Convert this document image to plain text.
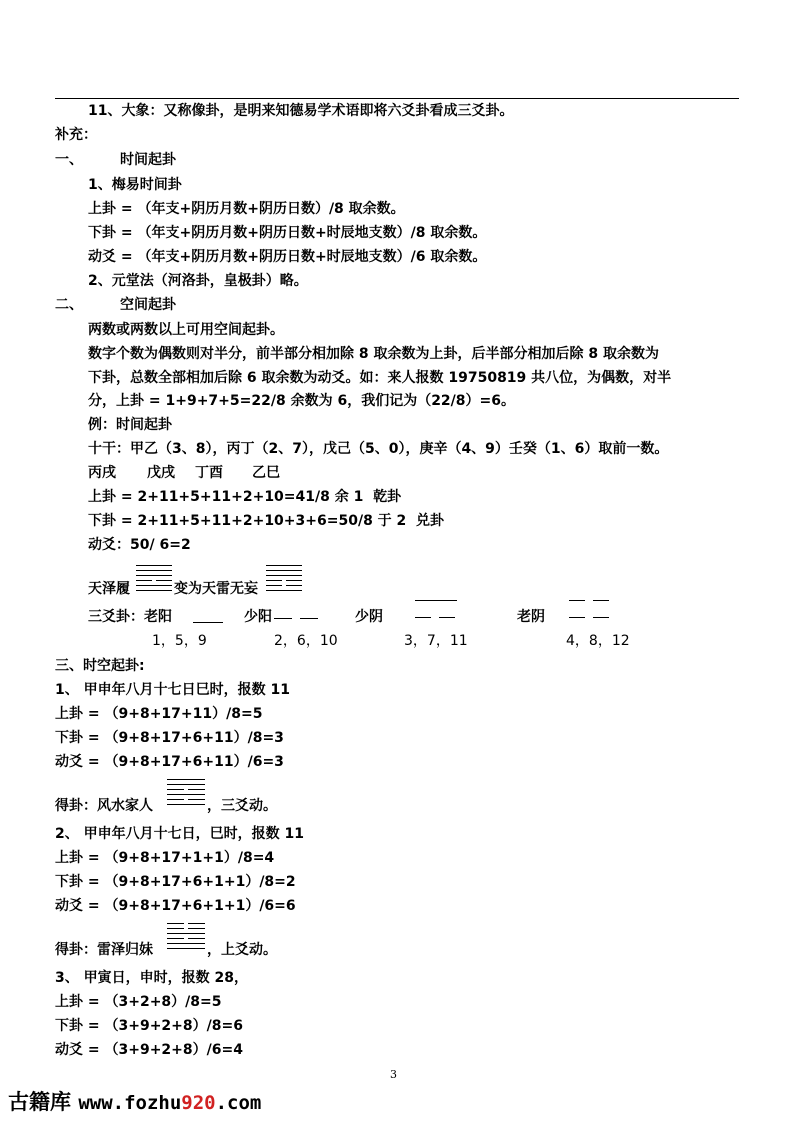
11、大象：又称像卦，是明来知德易学术语即将六爻卦看成三爻卦。
补充：
一、	时间起卦
1、梅易时间卦
上卦 = （年支+阴历月数+阴历日数）/8 取余数。
下卦 = （年支+阴历月数+阴历日数+时辰地支数）/8 取余数。
动爻 = （年支+阴历月数+阴历日数+时辰地支数）/6 取余数。
2、元堂法（河洛卦，皇极卦）略。
二、	空间起卦
两数或两数以上可用空间起卦。
数字个数为偶数则对半分，前半部分相加除 8 取余数为上卦，后半部分相加后除 8 取余数为
下卦，总数全部相加后除 6 取余数为动爻。如：来人报数 19750819 共八位，为偶数，对半
分，上卦 = 1+9+7+5=22/8 余数为 6，我们记为（22/8）=6。
例：时间起卦
十干：甲乙（3、8），丙丁（2、7），戊己（5、0），庚辛（4、9）壬癸（1、6）取前一数。
丙戌 戊戌 丁酉 乙巳
上卦 = 2+11+5+11+2+10=41/8 余 1  乾卦
下卦 = 2+11+5+11+2+10+3+6=50/8 于 2  兑卦
动爻：50/ 6=2
天泽履	变为天雷无妄
三爻卦：老阳	少阳	少阴	老阴
1，5，9	2，6，10	3，7，11	4，8，12
三、时空起卦:
1、 甲申年八月十七日巳时，报数 11
上卦 = （9+8+17+11）/8=5
下卦 = （9+8+17+6+11）/8=3
动爻 = （9+8+17+6+11）/6=3
得卦：风水家人	，三爻动。
2、 甲申年八月十七日，巳时，报数 11
上卦 = （9+8+17+1+1）/8=4
下卦 = （9+8+17+6+1+1）/8=2
动爻 = （9+8+17+6+1+1）/6=6
得卦：雷泽归妹	，上爻动。
3、 甲寅日，申时，报数 28，
上卦 = （3+2+8）/8=5
下卦 = （3+9+2+8）/8=6
动爻 = （3+9+2+8）/6=4
3
古籍库 www.fozhu920.com
